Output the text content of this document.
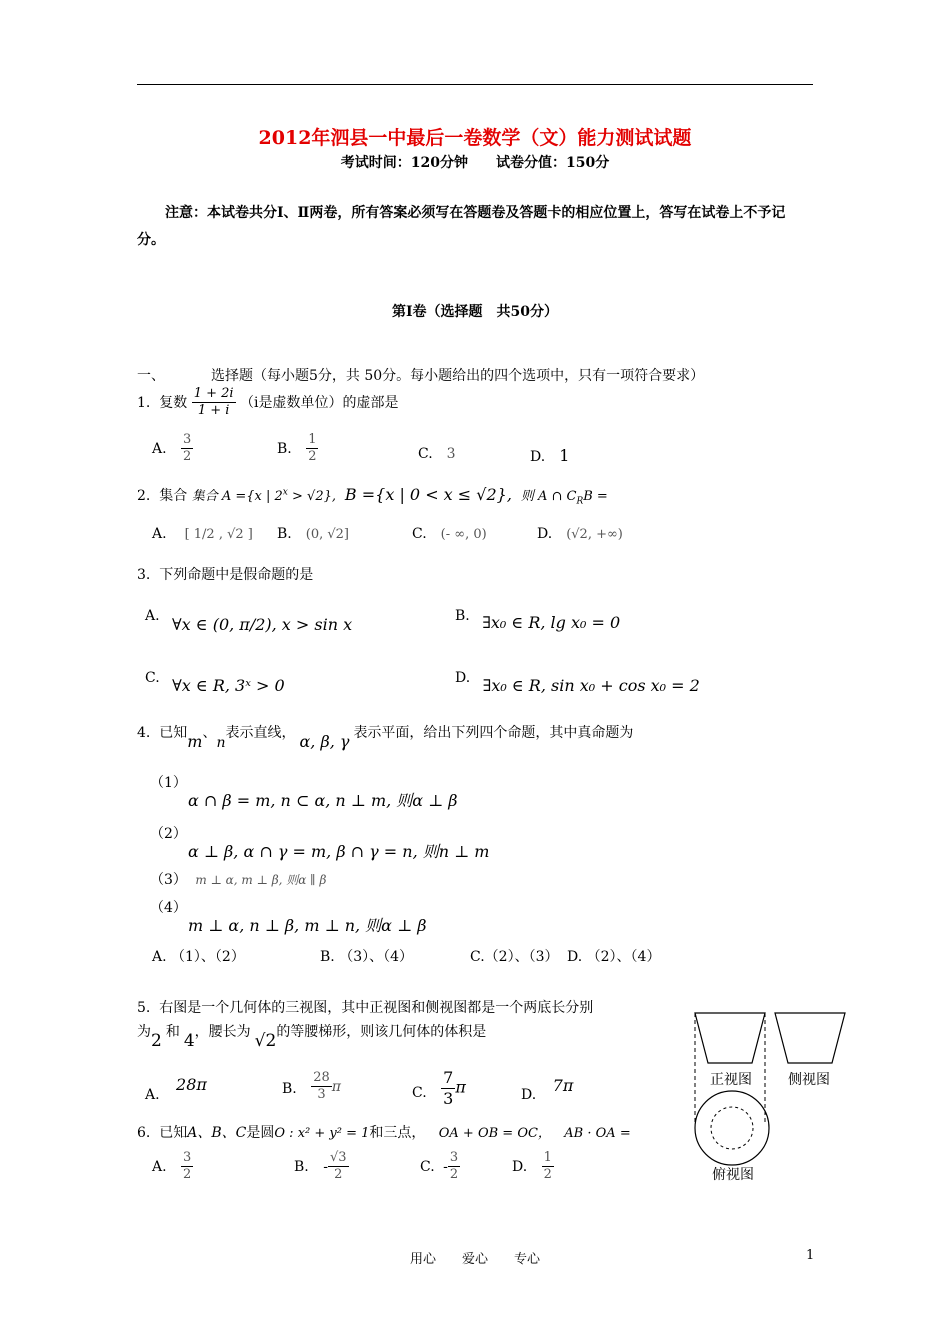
2012年泗县一中最后一卷数学（文）能力测试试题
考试时间：120分钟　　试卷分值：150分
注意：本试卷共分Ⅰ、Ⅱ两卷，所有答案必须写在答题卷及答题卡的相应位置上，答写在试卷上不予记分。
第Ⅰ卷（选择题　共50分）
一、	选择题（每小题5分，共 50分。每小题给出的四个选项中，只有一项符合要求）
1. 复数 $\frac{1 + 2i}{1 + i} (i$是虚数单位）的虚部是
A. $\frac{3}{2}$	B. $\frac{1}{2}$	C. 3	D. 1
2.  集合 集合 A ={x | $2^x > √2$}, B ={x | 0 < x ≤ √2}, 则 A ∩ $C_RB$ =
A. [ 1/2 , √2 ] B. (0, √2]	C. (- ∞, 0)	D. (√2, +∞)
3. 下列命题中是假命题的是
A. ∀x ∈ (0, π/2), x > sin x	B. ∃x₀ ∈ R, lg x₀ = 0
C. ∀x ∈ R, 3ˣ > 0	D. ∃x₀ ∈ R, sin x₀ + cos x₀ = 2
4. 已知m、n表示直线， α, β, γ 表示平面，给出下列四个命题，其中真命题为
（1）
α ∩ β = m, n ⊂ α, n ⊥ m, 则α ⊥ β
（2）
α ⊥ β, α ∩ γ = m, β ∩ γ = n, 则n ⊥ m
（3） m ⊥ α, m ⊥ β, 则α ∥ β
（4）
m ⊥ α, n ⊥ β, m ⊥ n, 则α ⊥ β
A. （1）、（2）	B. （3）、（4）	C.（2）、（3） D. （2）、（4）
5. 右图是一个几何体的三视图，其中正视图和侧视图都是一个两底长分别
为2 和 4，腰长为 √2的等腰梯形，则该几何体的体积是
A. 28π	B. $\frac{28}{3}$ π	C. $\frac{7}{3}$ π	D. 7π
6. 已知A、B、C是圆O : x² + y² = 1和三点， OA + OB = OC， AB · OA =
A. $\frac{3}{2}$	B. - $\frac{√3}{2}$	C. - $\frac{3}{2}$	D. $\frac{1}{2}$
正视图	侧视图
俯视图
用心　　爱心　　专心	1
